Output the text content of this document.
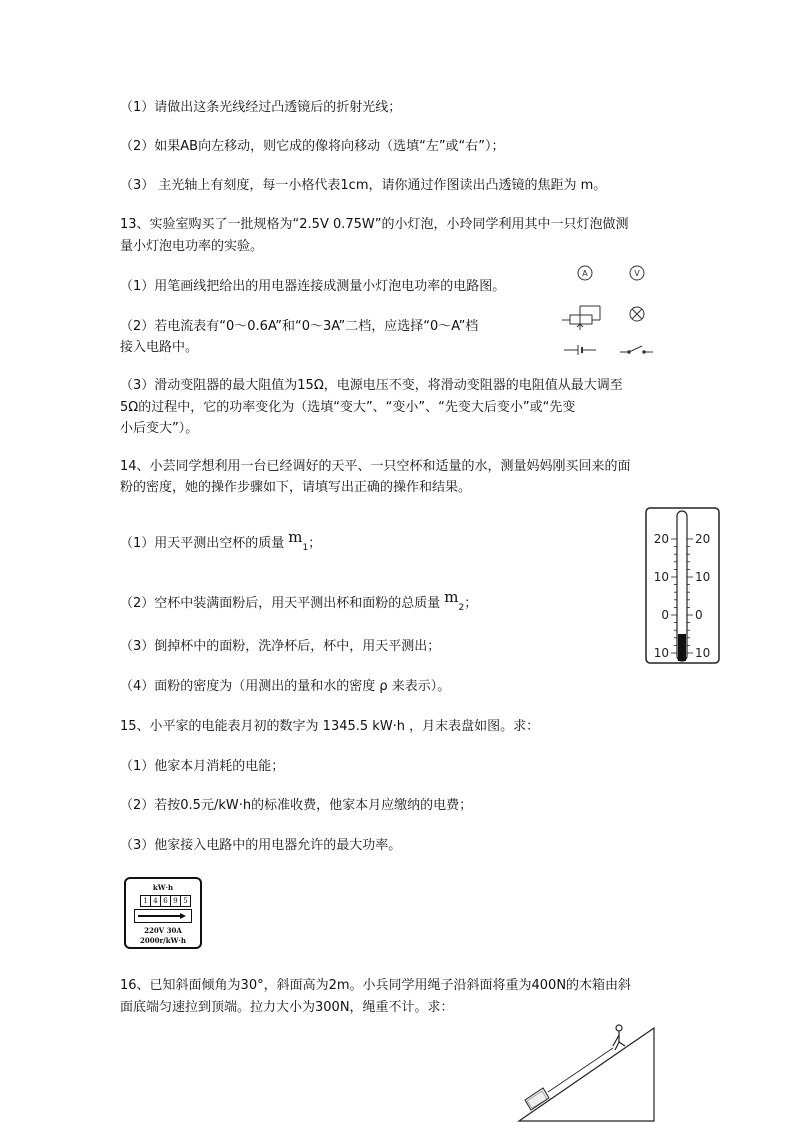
（1）请做出这条光线经过凸透镜后的折射光线；
（2）如果AB向左移动，则它成的像将向移动（选填“左”或“右”）；
（3） 主光轴上有刻度，每一小格代表1cm，请你通过作图读出凸透镜的焦距为 m。
13、实验室购买了一批规格为“2.5V 0.75W”的小灯泡，小玲同学利用其中一只灯泡做测
量小灯泡电功率的实验。
（1）用笔画线把给出的用电器连接成测量小灯泡电功率的电路图。
（2）若电流表有“0～0.6A”和“0～3A”二档，应选择“0～A”档
接入电路中。
（3）滑动变阻器的最大阻值为15Ω，电源电压不变，将滑动变阻器的电阻值从最大调至
5Ω的过程中，它的功率变化为（选填“变大”、“变小”、“先变大后变小”或“先变
小后变大”）。
A	V
14、小芸同学想利用一台已经调好的天平、一只空杯和适量的水，测量妈妈刚买回来的面
粉的密度，她的操作步骤如下，请填写出正确的操作和结果。
（1）用天平测出空杯的质量 $m_1$；
（2）空杯中装满面粉后，用天平测出杯和面粉的总质量 $m_2$；
（3）倒掉杯中的面粉，洗净杯后，杯中，用天平测出；
（4）面粉的密度为（用测出的量和水的密度 ρ 来表示）。
20 20
10 10
0 0
10 10
15、小平家的电能表月初的数字为 1345.5 kW·h ，月末表盘如图。求：
（1）他家本月消耗的电能；
（2）若按0.5元/kW·h的标准收费，他家本月应缴纳的电费；
（3）他家接入电路中的用电器允许的最大功率。
kW·h
1 4 6 9 5
220V 30A
2000r/kW·h
16、已知斜面倾角为30°，斜面高为2m。小兵同学用绳子沿斜面将重为400N的木箱由斜
面底端匀速拉到顶端。拉力大小为300N，绳重不计。求：
